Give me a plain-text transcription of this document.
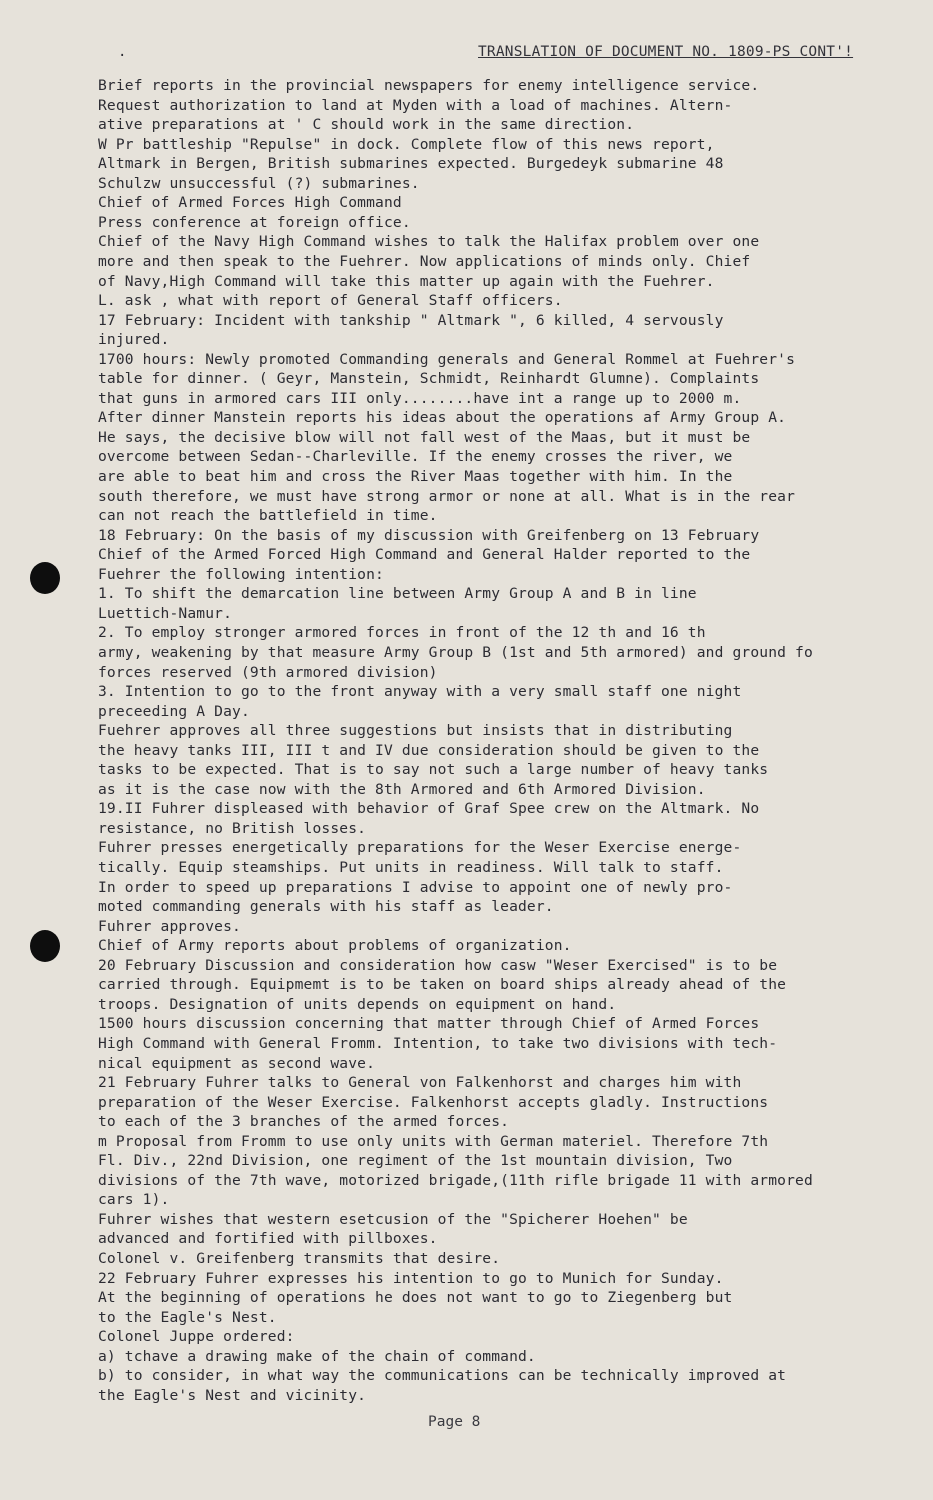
.	TRANSLATION OF DOCUMENT NO. 1809-PS CONT'!
Brief reports in the provincial newspapers for enemy intelligence service.
Request authorization to land at Myden with a load of machines. Altern-
ative preparations at ' C should work in the same direction.
W Pr battleship "Repulse" in dock. Complete flow of this news report,
Altmark in Bergen, British submarines expected. Burgedeyk submarine 48
Schulzw unsuccessful (?) submarines.
Chief of Armed Forces High Command
Press conference at foreign office.
Chief of the Navy High Command wishes to talk the Halifax problem over one
more and then speak to the Fuehrer. Now applications of minds only. Chief
of Navy,High Command will take this matter up again with the Fuehrer.
L. ask , what with report of General Staff officers.
17 February: Incident with tankship " Altmark ", 6 killed, 4 servously
injured.
1700 hours: Newly promoted Commanding generals and General Rommel at Fuehrer's
table for dinner. ( Geyr, Manstein, Schmidt, Reinhardt Glumne). Complaints
that guns in armored cars III only........have int a range up to 2000 m.
After dinner Manstein reports his ideas about the operations af Army Group A.
He says, the decisive blow will not fall west of the Maas, but it must be
overcome between Sedan--Charleville. If the enemy crosses the river, we
are able to beat him and cross the River Maas together with him. In the
south therefore, we must have strong armor or none at all. What is in the rear
can not reach the battlefield in time.
18 February: On the basis of my discussion with Greifenberg on 13 February
Chief of the Armed Forced High Command and General Halder reported to the
Fuehrer the following intention:
1. To shift the demarcation line between Army Group A and B in line
Luettich-Namur.
2. To employ stronger armored forces in front of the 12 th and 16 th
army, weakening by that measure Army Group B (1st and 5th armored) and ground fo
forces reserved (9th armored division)
3. Intention to go to the front anyway with a very small staff one night
preceeding A Day.
Fuehrer approves all three suggestions but insists that in distributing
the heavy tanks III, III t and IV due consideration should be given to the
tasks to be expected. That is to say not such a large number of heavy tanks
as it is the case now with the 8th Armored and 6th Armored Division.
19.II Fuhrer displeased with behavior of Graf Spee crew on the Altmark. No
resistance, no British losses.
Fuhrer presses energetically preparations for the Weser Exercise energe-
tically. Equip steamships. Put units in readiness. Will talk to staff.
In order to speed up preparations I advise to appoint one of newly pro-
moted commanding generals with his staff as leader.
Fuhrer approves.
Chief of Army reports about problems of organization.
20 February Discussion and consideration how casw "Weser Exercised" is to be
carried through. Equipmemt is to be taken on board ships already ahead of the
troops. Designation of units depends on equipment on hand.
1500 hours discussion concerning that matter through Chief of Armed Forces
High Command with General Fromm. Intention, to take two divisions with tech-
nical equipment as second wave.
21 February Fuhrer talks to General von Falkenhorst and charges him with
preparation of the Weser Exercise. Falkenhorst accepts gladly. Instructions
to each of the 3 branches of the armed forces.
m Proposal from Fromm to use only units with German materiel. Therefore 7th
Fl. Div., 22nd Division, one regiment of the 1st mountain division, Two
divisions of the 7th wave, motorized brigade,(11th rifle brigade 11 with armored
cars 1).
Fuhrer wishes that western esetcusion of the "Spicherer Hoehen" be
advanced and fortified with pillboxes.
Colonel v. Greifenberg transmits that desire.
22 February Fuhrer expresses his intention to go to Munich for Sunday.
At the beginning of operations he does not want to go to Ziegenberg but
to the Eagle's Nest.
Colonel Juppe ordered:
a) tchave a drawing make of the chain of command.
b) to consider, in what way the communications can be technically improved at
the Eagle's Nest and vicinity.
Page 8
